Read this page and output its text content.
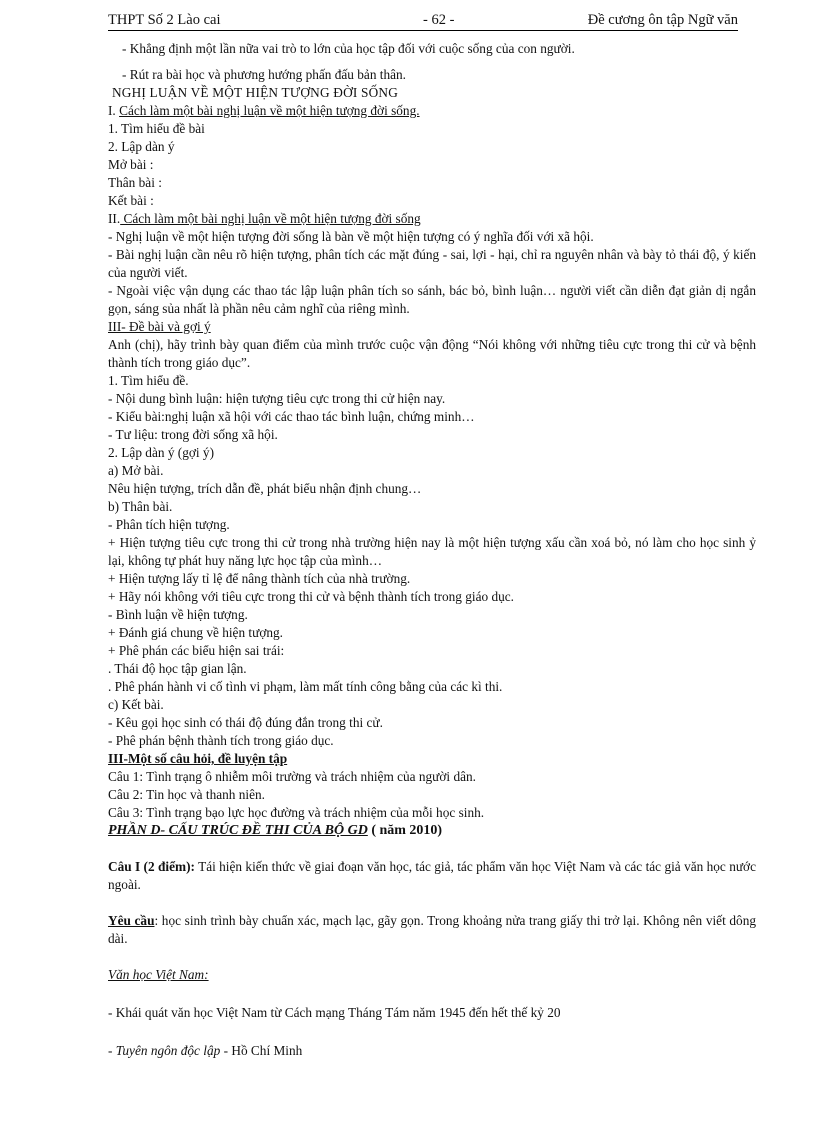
THPT Số 2 Lào cai	- 62 -	Đề cương ôn tập Ngữ văn

- Khẳng định một lần nữa vai trò to lớn của học tập đối với cuộc sống của con người.

- Rút ra bài học và phương hướng phấn đấu bản thân.

NGHỊ LUẬN VỀ MỘT HIỆN TƯỢNG ĐỜI SỐNG

I. Cách làm một bài nghị luận về một hiện tượng đời sống.

1. Tìm hiểu đề bài

2. Lập dàn ý

Mở bài :

Thân bài :

Kết bài :

II. Cách làm một bài nghị luận về một hiện tượng đời sống

- Nghị luận về một hiện tượng đời sống là bàn về một hiện tượng có ý nghĩa đối với xã hội.

- Bài nghị luận cần nêu rõ hiện tượng, phân tích các mặt đúng - sai, lợi - hại, chỉ ra nguyên nhân và bày tỏ thái độ, ý kiến của người viết.

- Ngoài việc vận dụng các thao tác lập luận phân tích so sánh, bác bỏ, bình luận… người viết cần diễn đạt giản dị ngắn gọn, sáng sủa nhất là phần nêu cảm nghĩ của riêng mình.

III- Đề bài và gợi ý

Anh (chị), hãy trình bày quan điểm của mình trước cuộc vận động “Nói không với những tiêu cực trong thi cử và bệnh thành tích trong giáo dục”.

1. Tìm hiểu đề.

- Nội dung bình luận: hiện tượng tiêu cực trong thi cử hiện nay.

- Kiểu bài:nghị luận xã hội với các thao tác bình luận, chứng minh…

- Tư liệu: trong đời sống xã hội.

2. Lập dàn ý (gợi ý)

a) Mở bài.

Nêu hiện tượng, trích dẫn đề, phát biểu nhận định chung…

b) Thân bài.

- Phân tích hiện tượng.

+ Hiện tượng tiêu cực trong thi cử trong nhà trường hiện nay là một hiện tượng xấu cần xoá bỏ, nó làm cho học sinh ỷ lại, không tự phát huy năng lực học tập của mình…

+ Hiện tượng lấy tỉ lệ để nâng thành tích của nhà trường.

+ Hãy nói không với tiêu cực trong thi cử và bệnh thành tích trong giáo dục.

- Bình luận về hiện tượng.

+ Đánh giá chung về hiện tượng.

+ Phê phán các biểu hiện sai trái:

. Thái độ học tập gian lận.

. Phê phán hành vi cố tình vi phạm, làm mất tính công bằng của các kì thi.

c) Kết bài.

- Kêu gọi học sinh có thái độ đúng đắn trong thi cử.

- Phê phán bệnh thành tích trong giáo dục.

III-Một số câu hỏi, đề luyện tập

Câu 1: Tình trạng ô nhiễm môi trường và trách nhiệm của người dân.

Câu 2: Tin học và thanh niên.

Câu 3: Tình trạng bạo lực học đường và trách nhiệm của mỗi học sinh.

PHẦN D- CẤU TRÚC ĐỀ THI CỦA BỘ GD ( năm 2010)

Câu I (2 điểm): Tái hiện kiến thức về giai đoạn văn học, tác giả, tác phẩm văn học Việt Nam và các tác giả văn học nước ngoài.

Yêu cầu: học sinh trình bày chuẩn xác, mạch lạc, gãy gọn. Trong khoảng nửa trang giấy thi trở lại. Không nên viết dông dài.

Văn học Việt Nam:

- Khái quát văn học Việt Nam từ Cách mạng Tháng Tám năm 1945 đến hết thế kỷ 20

- Tuyên ngôn độc lập - Hồ Chí Minh
